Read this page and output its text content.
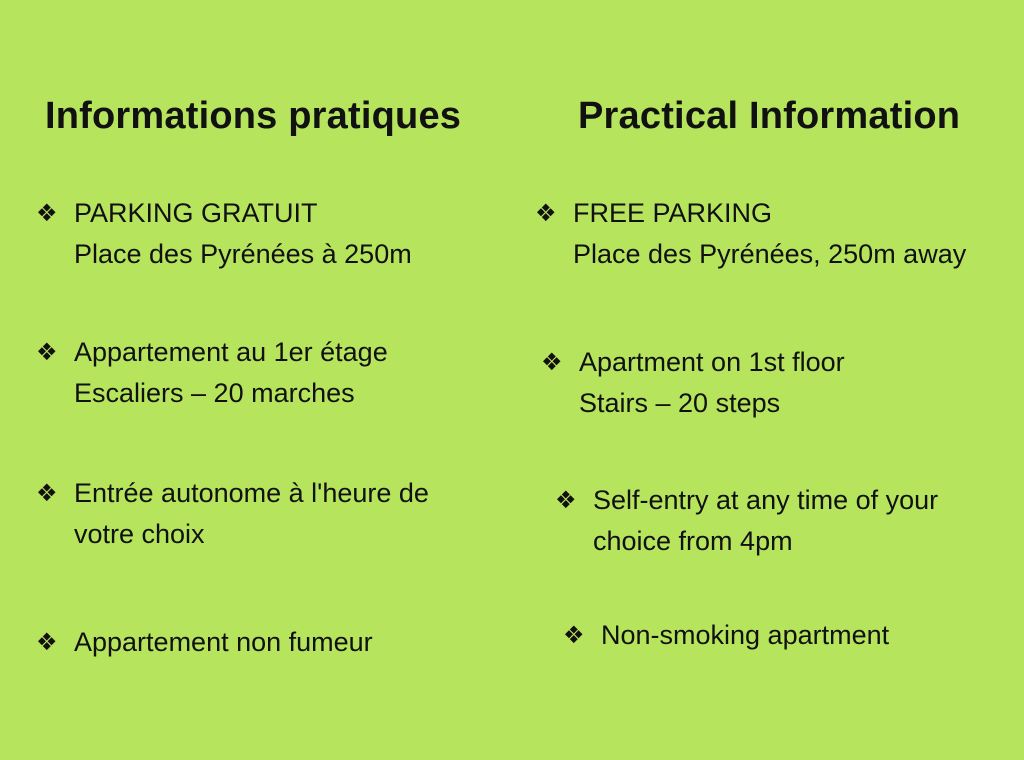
Informations pratiques	Practical Information
❖ PARKING GRATUIT
Place des Pyrénées à 250m
❖ Appartement au 1er étage
Escaliers – 20 marches
❖ Entrée autonome à l'heure de
votre choix
❖ Appartement non fumeur
❖ FREE PARKING
Place des Pyrénées, 250m away
❖ Apartment on 1st floor
Stairs – 20 steps
❖ Self-entry at any time of your
choice from 4pm
❖ Non-smoking apartment
